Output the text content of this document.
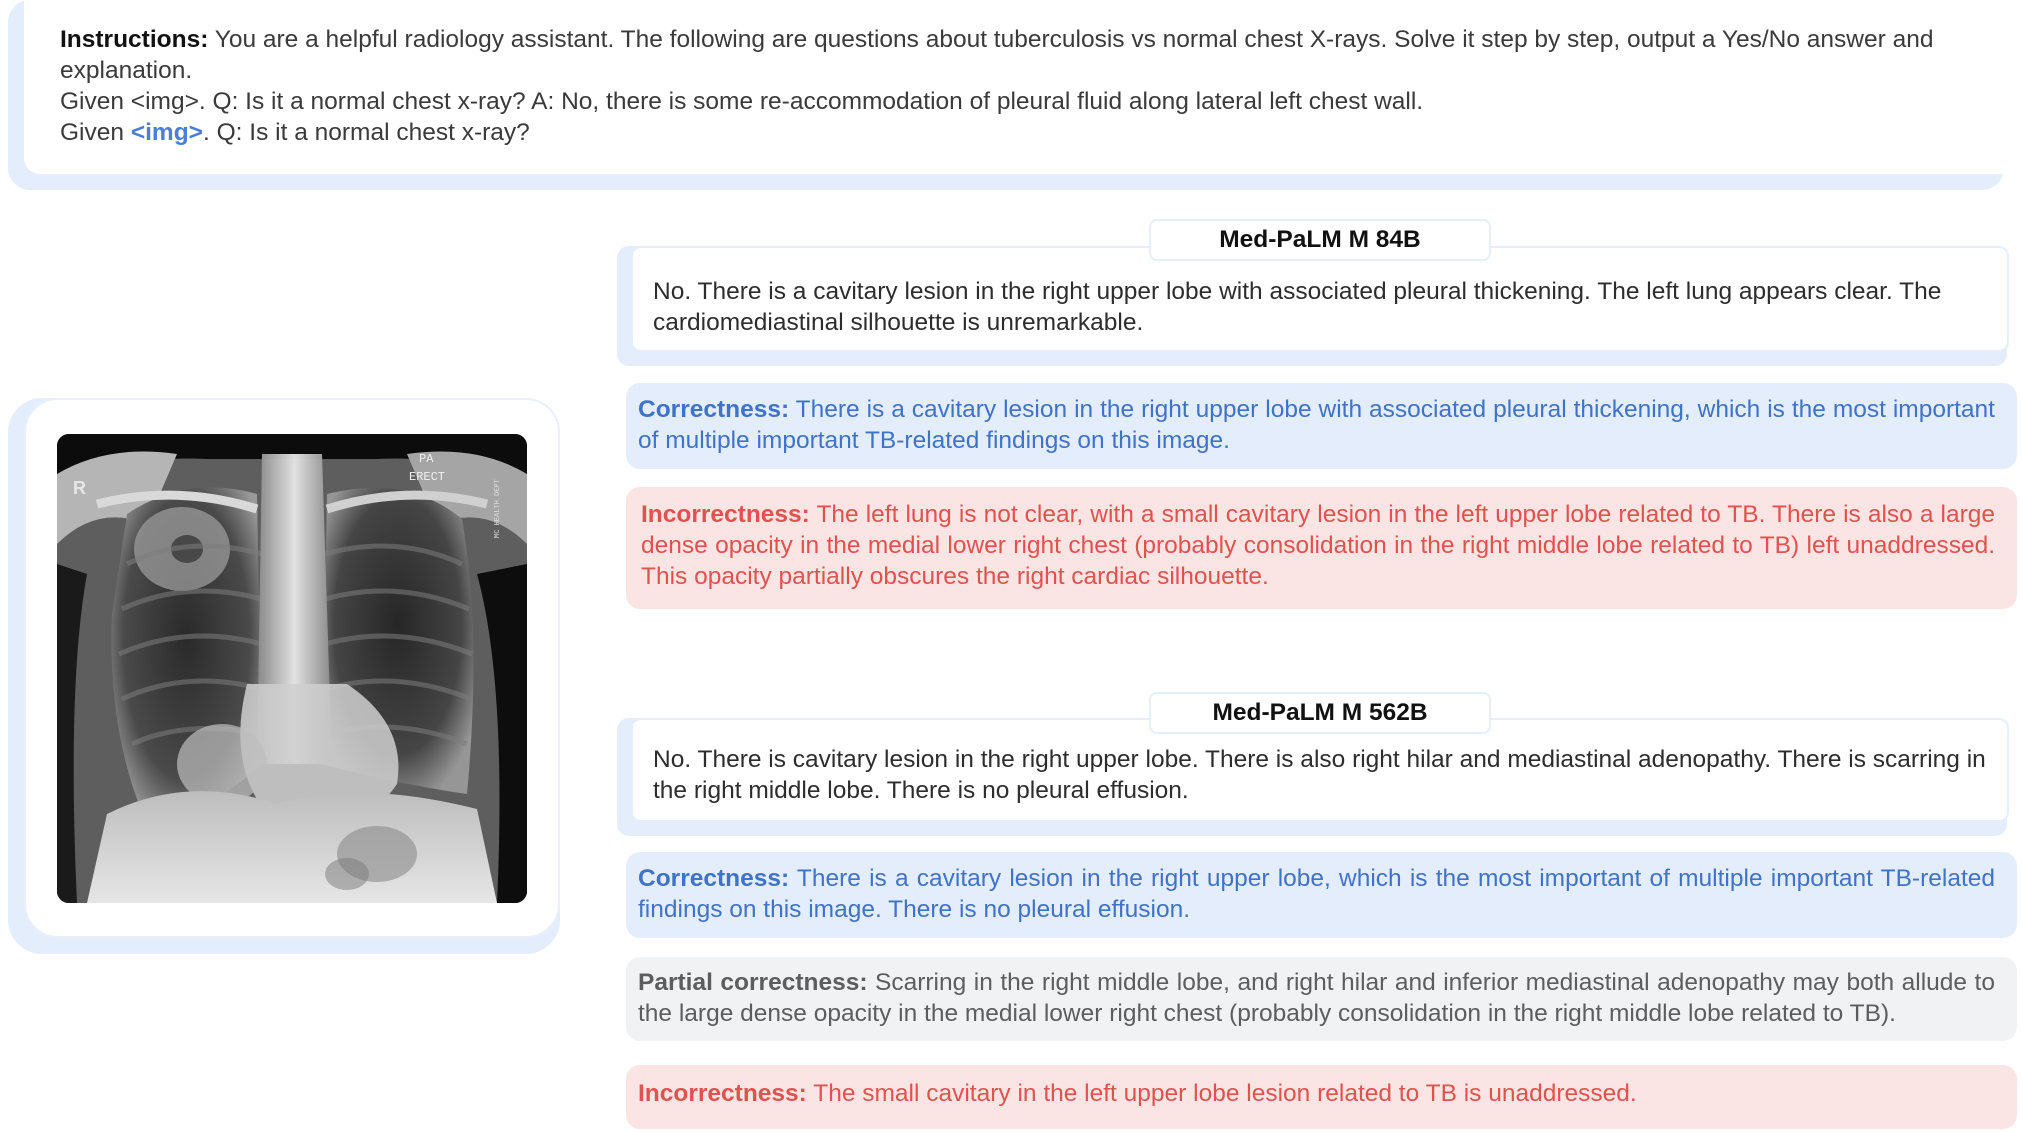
Instructions: You are a helpful radiology assistant. The following are questions about tuberculosis vs normal chest X-rays. Solve it step by step, output a Yes/No answer and explanation.
Given <img>. Q: Is it a normal chest x-ray? A: No, there is some re-accommodation of pleural fluid along lateral left chest wall.
Given <img>. Q: Is it a normal chest x-ray?
R
PA
ERECT
MC HEALTH DEPT
No. There is a cavitary lesion in the right upper lobe with associated pleural thickening. The left lung appears clear. The cardiomediastinal silhouette is unremarkable.
Med-PaLM M 84B
Correctness: There is a cavitary lesion in the right upper lobe with associated pleural thickening, which is the most important of multiple important TB-related findings on this image.
Incorrectness: The left lung is not clear, with a small cavitary lesion in the left upper lobe related to TB. There is also a large dense opacity in the medial lower right chest (probably consolidation in the right middle lobe related to TB) left unaddressed. This opacity partially obscures the right cardiac silhouette.
No. There is cavitary lesion in the right upper lobe. There is also right hilar and mediastinal adenopathy. There is scarring in the right middle lobe. There is no pleural effusion.
Med-PaLM M 562B
Correctness: There is a cavitary lesion in the right upper lobe, which is the most important of multiple important TB-related findings on this image. There is no pleural effusion.
Partial correctness: Scarring in the right middle lobe, and right hilar and inferior mediastinal adenopathy may both allude to the large dense opacity in the medial lower right chest (probably consolidation in the right middle lobe related to TB).
Incorrectness: The small cavitary in the left upper lobe lesion related to TB is unaddressed.
